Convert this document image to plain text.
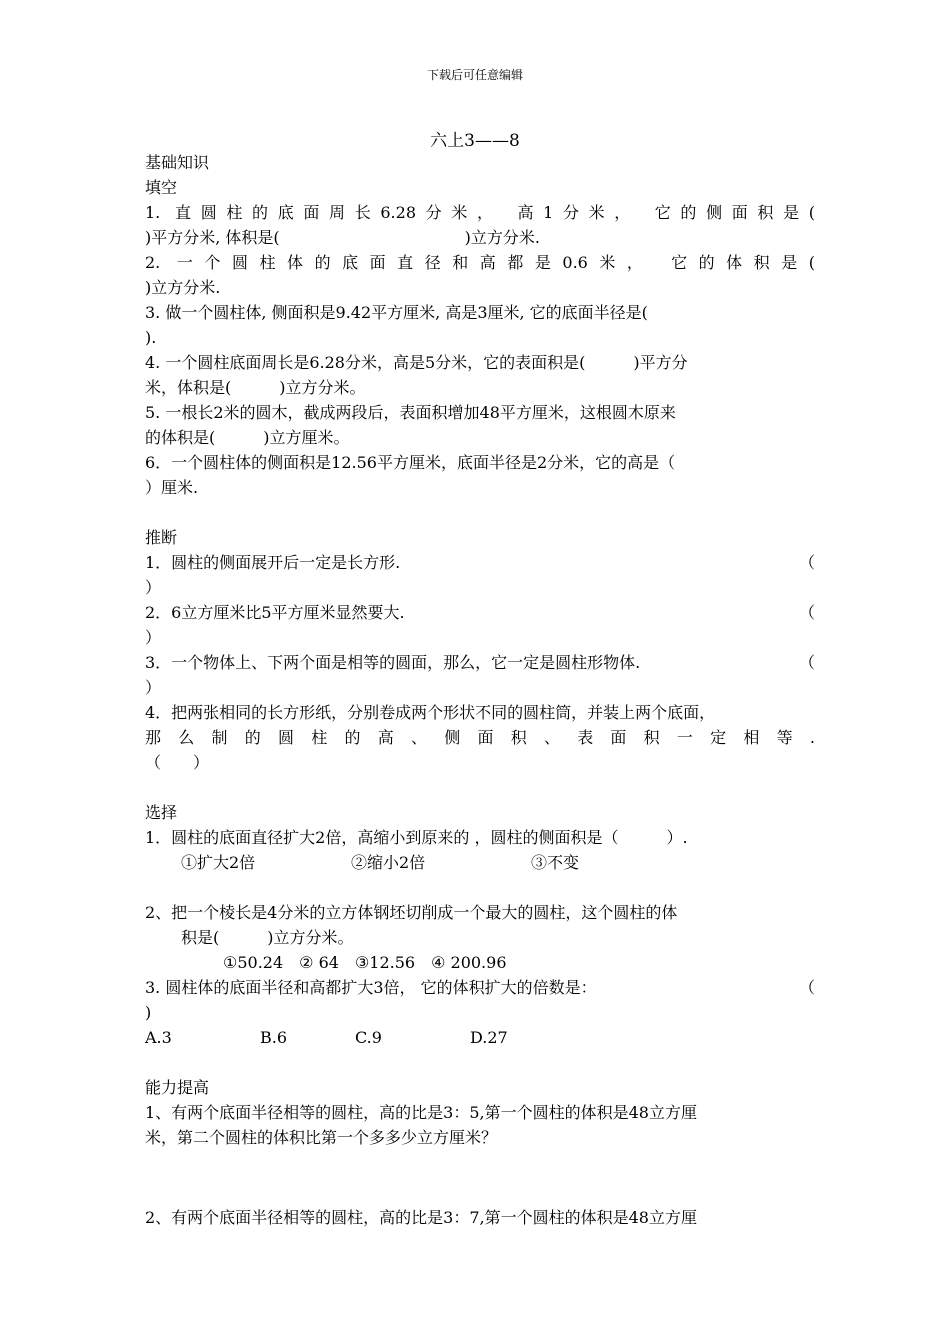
下载后可任意编辑
六上3——8

基础知识

填空

1. 直圆柱的底面周长6.28分米， 高1分米， 它的侧面积是(

)平方分米, 体积是(	)立方分米.

2. 一个圆柱体的底面直径和高都是0.6米， 它的体积是(

)立方分米.

3. 做一个圆柱体, 侧面积是9.42平方厘米, 高是3厘米, 它的底面半径是(

).

4. 一个圆柱底面周长是6.28分米，高是5分米，它的表面积是(　　　)平方分

米，体积是(　　　)立方分米。

5. 一根长2米的圆木，截成两段后，表面积增加48平方厘米，这根圆木原来

的体积是(　　　)立方厘米。

6．一个圆柱体的侧面积是12.56平方厘米，底面半径是2分米，它的高是（

）厘米.

推断

1．圆柱的侧面展开后一定是长方形.	（

）

2．6立方厘米比5平方厘米显然要大.	（

）

3．一个物体上、下两个面是相等的圆面，那么，它一定是圆柱形物体.	（

）

4．把两张相同的长方形纸，分别卷成两个形状不同的圆柱筒，并装上两个底面，

那么制的圆柱的高、侧面积、表面积一定相等.

（　　）

选择

1．圆柱的底面直径扩大2倍，高缩小到原来的 ，圆柱的侧面积是（　　　）.

①扩大2倍	②缩小2倍	③不变

2、把一个棱长是4分米的立方体钢坯切削成一个最大的圆柱，这个圆柱的体

积是(　　　)立方分米。

①50.24　② 64　③12.56　④ 200.96

3. 圆柱体的底面半径和高都扩大3倍， 它的体积扩大的倍数是：	（

)

A.3	B.6	C.9	D.27

能力提高

1、有两个底面半径相等的圆柱，高的比是3：5,第一个圆柱的体积是48立方厘

米，第二个圆柱的体积比第一个多多少立方厘米？

2、有两个底面半径相等的圆柱，高的比是3：7,第一个圆柱的体积是48立方厘
